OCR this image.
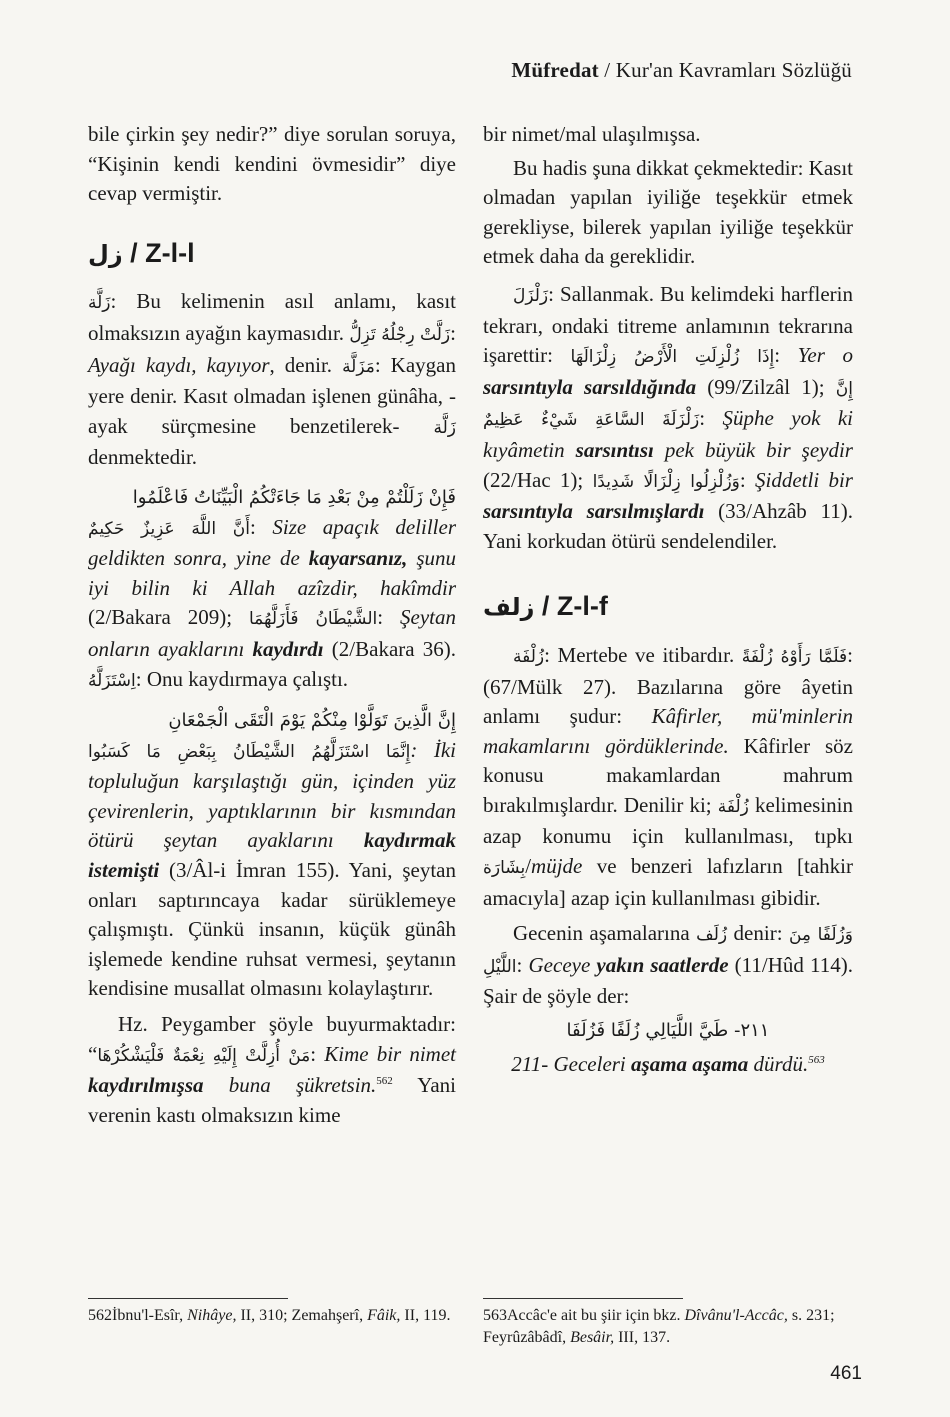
Müfredat / Kur'an Kavramları Sözlüğü

bile çirkin şey nedir?” diye sorulan soruya, “Kişinin kendi kendini övmesidir” diye cevap vermiştir.

زل / Z-l-l

زَلَّة: Bu kelimenin asıl anlamı, kasıt olmaksızın ayağın kaymasıdır. زَلَّتْ رِجْلُهُ تَزِلُّ: Ayağı kaydı, kayıyor, denir. مَزَلَّة: Kaygan yere denir. Kasıt olmadan işlenen günâha, -ayak sürçmesine benzetilerek- زَلَّة denmektedir.

فَإِنْ زَلَلْتُمْ مِنْ بَعْدِ مَا جَاءَتْكُمُ الْبَيِّنَاتُ فَاعْلَمُوا

أَنَّ اللَّهَ عَزِيزٌ حَكِيمٌ: Size apaçık deliller geldikten sonra, yine de kayarsanız, şunu iyi bilin ki Allah azîzdir, hakîmdir (2/Bakara 209); فَأَزَلَّهُمَا الشَّيْطَانُ: Şeytan onların ayaklarını kaydırdı (2/Bakara 36). اِسْتَزَلَّهُ: Onu kaydırmaya çalıştı.

إِنَّ الَّذِينَ تَوَلَّوْا مِنْكُمْ يَوْمَ الْتَقَى الْجَمْعَانِ

إِنَّمَا اسْتَزَلَّهُمُ الشَّيْطَانُ بِبَعْضِ مَا كَسَبُوا: İki topluluğun karşılaştığı gün, içinden yüz çevirenlerin, yaptıklarının bir kısmından ötürü şeytan ayaklarını kaydırmak istemişti (3/Âl-i İmran 155). Yani, şeytan onları saptırıncaya kadar sürüklemeye çalışmıştı. Çünkü insanın, küçük günâh işlemede kendine ruhsat vermesi, şeytanın kendisine musallat olmasını kolaylaştırır.

Hz. Peygamber şöyle buyurmaktadır: “مَنْ أُزِلَّتْ إِلَيْهِ نِعْمَةٌ فَلْيَشْكُرْهَا: Kime bir nimet kaydırılmışsa buna şükretsin.$^{562}$ Yani verenin kastı olmaksızın kime

bir nimet/mal ulaşılmışsa.

Bu hadis şuna dikkat çekmektedir: Kasıt olmadan yapılan iyiliğe teşekkür etmek gerekliyse, bilerek yapılan iyiliğe teşekkür etmek daha da gereklidir.

زَلْزَلَ: Sallanmak. Bu kelimdeki harflerin tekrarı, ondaki titreme anlamının tekrarına işarettir: إِذَا زُلْزِلَتِ الْأَرْضُ زِلْزَالَهَا: Yer o sarsıntıyla sarsıldığında (99/Zilzâl 1); إِنَّ زَلْزَلَةَ السَّاعَةِ شَيْءٌ عَظِيمٌ: Şüphe yok ki kıyâmetin sarsıntısı pek büyük bir şeydir (22/Hac 1); وَزُلْزِلُوا زِلْزَالًا شَدِيدًا: Şiddetli bir sarsıntıyla sarsılmışlardı (33/Ahzâb 11). Yani korkudan ötürü sendelendiler.

زلف / Z-l-f

زُلْفَة: Mertebe ve itibardır. فَلَمَّا رَأَوْهُ زُلْفَةً: (67/Mülk 27). Bazılarına göre âyetin anlamı şudur: Kâfirler, mü'minlerin makamlarını gördüklerinde. Kâfirler söz konusu makamlardan mahrum bırakılmışlardır. Denilir ki; زُلْفَة kelimesinin azap konumu için kullanılması, tıpkı بِشَارَة/müjde ve benzeri lafızların [tahkir amacıyla] azap için kullanılması gibidir.

Gecenin aşamalarına زُلَف denir: وَزُلَفًا مِنَ اللَّيْلِ: Geceye yakın saatlerde (11/Hûd 114). Şair de şöyle der:

٢١١- طَيَّ اللَّيَالِي زُلَفًا فَزُلَفَا

211- Geceleri aşama aşama dürdü.$^{563}$

562İbnu'l-Esîr, Nihâye, II, 310; Zemahşerî, Fâik, II, 119.	563Accâc'e ait bu şiir için bkz. Dîvânu'l-Accâc, s. 231; Feyrûzâbâdî, Besâir, III, 137.
461
